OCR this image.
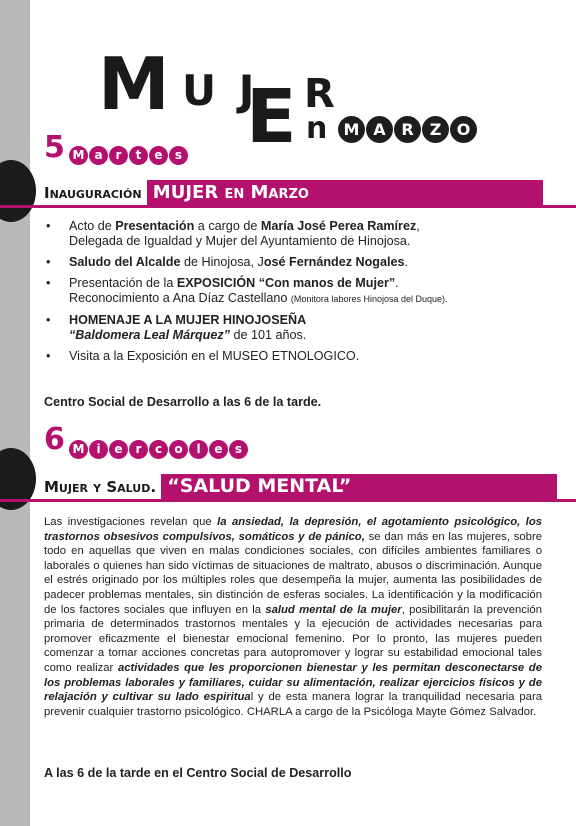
M U J
E R
n	M A R Z O
5 M a r t e s
Inauguración MUJER en Marzo
• Acto de Presentación a cargo de María José Perea Ramírez,
Delegada de Igualdad y Mujer del Ayuntamiento de Hinojosa.
• Saludo del Alcalde de Hinojosa, José Fernández Nogales.
• Presentación de la EXPOSICIÓN “Con manos de Mujer”.
Reconocimiento a Ana Díaz Castellano (Monitora labores Hinojosa del Duque).
• HOMENAJE A LA MUJER HINOJOSEÑA
“Baldomera Leal Márquez” de 101 años.
• Visita a la Exposición en el MUSEO ETNOLOGICO.
Centro Social de Desarrollo a las 6 de la tarde.
6 M i e r c o l e s
Mujer y Salud. “SALUD MENTAL”
Las investigaciones revelan que la ansiedad, la depresión, el agotamiento psicológico, los trastornos obsesivos compulsivos, somáticos y de pánico, se dan más en las mujeres, sobre todo en aquellas que viven en malas condiciones sociales, con difíciles ambientes familiares o laborales o quienes han sido víctimas de situaciones de maltrato, abusos o discriminación. Aunque el estrés originado por los múltiples roles que desempeña la mujer, aumenta las posibilidades de padecer problemas mentales, sin distinción de esferas sociales. La identificación y la modificación de los factores sociales que influyen en la salud mental de la mujer, posibilitarán la prevención primaria de determinados trastornos mentales y la ejecución de actividades necesarias para promover eficazmente el bienestar emocional femenino. Por lo pronto, las mujeres pueden comenzar a tomar acciones concretas para autopromover y lograr su estabilidad emocional tales como realizar actividades que les proporcionen bienestar y les permitan desconectarse de los problemas laborales y familiares, cuidar su alimentación, realizar ejercicios físicos y de relajación y cultivar su lado espiritual y de esta manera lograr la tranquilidad necesaria para prevenir cualquier trastorno psicológico. CHARLA a cargo de la Psicóloga Mayte Gómez Salvador.
A las 6 de la tarde en el Centro Social de Desarrollo
